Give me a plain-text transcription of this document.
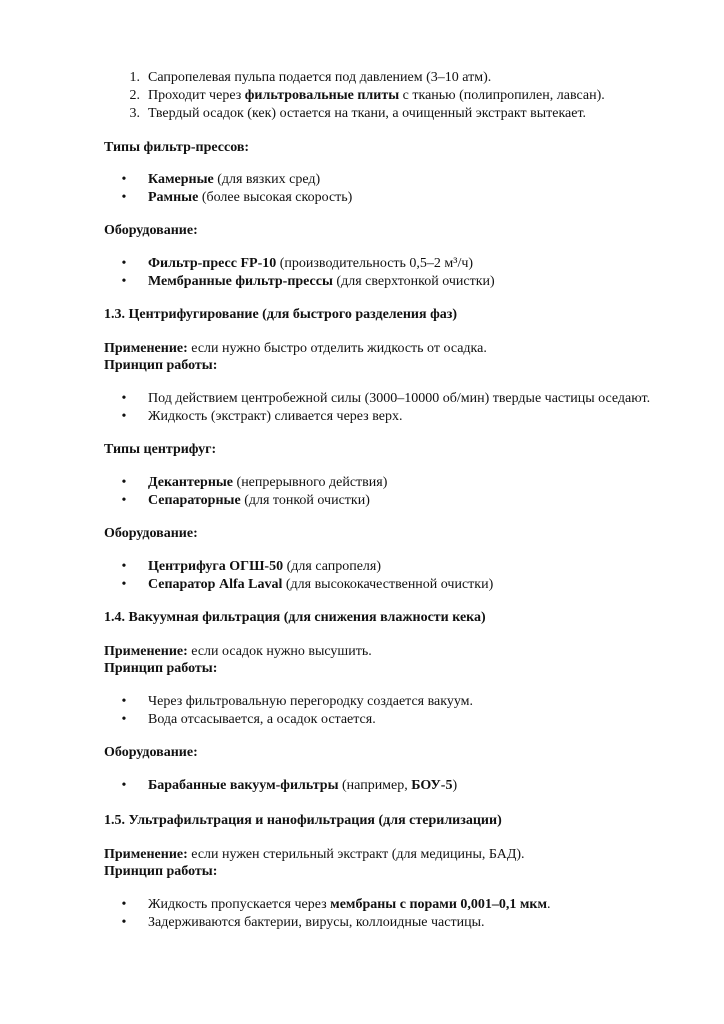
1. Сапропелевая пульпа подается под давлением (3–10 атм).
2. Проходит через фильтровальные плиты с тканью (полипропилен, лавсан).
3. Твердый осадок (кек) остается на ткани, а очищенный экстракт вытекает.
Типы фильтр-прессов:
•	Камерные (для вязких сред)
•	Рамные (более высокая скорость)
Оборудование:
•	Фильтр-пресс FP-10 (производительность 0,5–2 м³/ч)
•	Мембранные фильтр-прессы (для сверхтонкой очистки)
1.3. Центрифугирование (для быстрого разделения фаз)
Применение: если нужно быстро отделить жидкость от осадка.
Принцип работы:
•	Под действием центробежной силы (3000–10000 об/мин) твердые частицы оседают.
•	Жидкость (экстракт) сливается через верх.
Типы центрифуг:
•	Декантерные (непрерывного действия)
•	Сепараторные (для тонкой очистки)
Оборудование:
•	Центрифуга ОГШ-50 (для сапропеля)
•	Сепаратор Alfa Laval (для высококачественной очистки)
1.4. Вакуумная фильтрация (для снижения влажности кека)
Применение: если осадок нужно высушить.
Принцип работы:
•	Через фильтровальную перегородку создается вакуум.
•	Вода отсасывается, а осадок остается.
Оборудование:
•	Барабанные вакуум-фильтры (например, БОУ-5)
1.5. Ультрафильтрация и нанофильтрация (для стерилизации)
Применение: если нужен стерильный экстракт (для медицины, БАД).
Принцип работы:
•	Жидкость пропускается через мембраны с порами 0,001–0,1 мкм.
•	Задерживаются бактерии, вирусы, коллоидные частицы.
